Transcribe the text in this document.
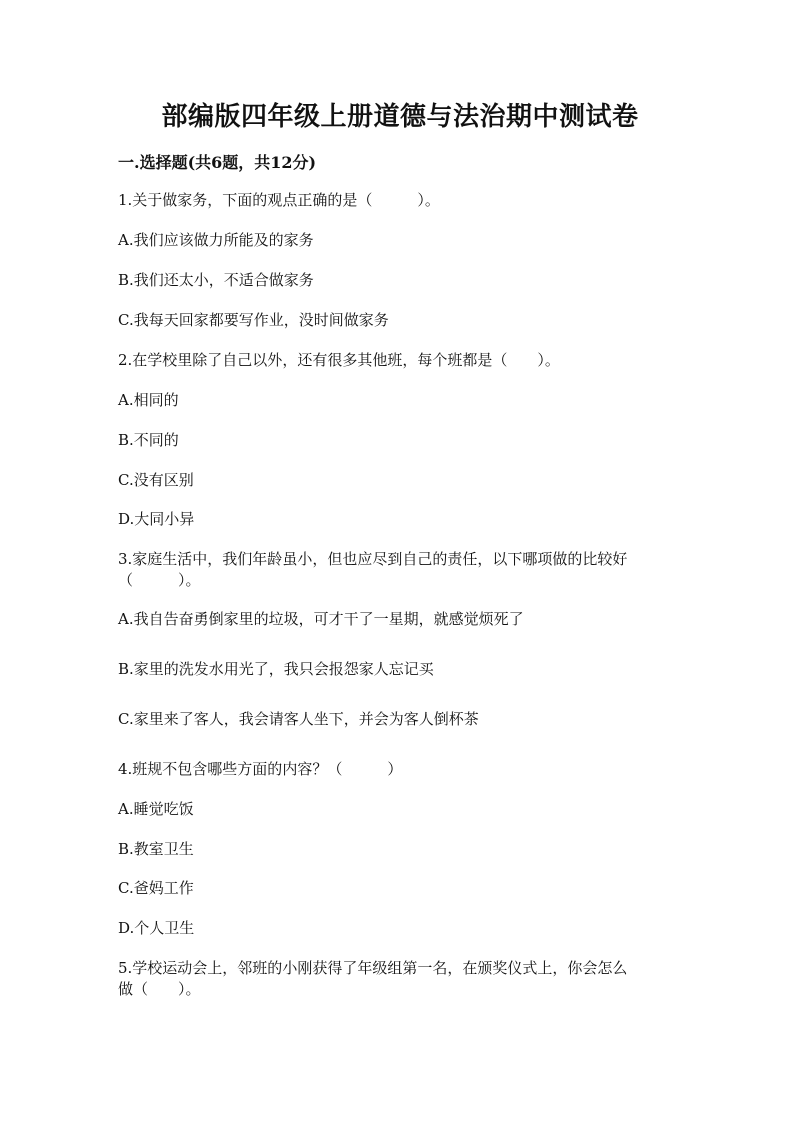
部编版四年级上册道德与法治期中测试卷
一.选择题(共6题，共12分)
1.关于做家务，下面的观点正确的是（　　　）。
A.我们应该做力所能及的家务
B.我们还太小，不适合做家务
C.我每天回家都要写作业，没时间做家务
2.在学校里除了自己以外，还有很多其他班，每个班都是（　　）。
A.相同的
B.不同的
C.没有区别
D.大同小异
3.家庭生活中，我们年龄虽小，但也应尽到自己的责任，以下哪项做的比较好
（　　　）。
A.我自告奋勇倒家里的垃圾，可才干了一星期，就感觉烦死了
B.家里的洗发水用光了，我只会报怨家人忘记买
C.家里来了客人，我会请客人坐下，并会为客人倒杯茶
4.班规不包含哪些方面的内容？（　　　）
A.睡觉吃饭
B.教室卫生
C.爸妈工作
D.个人卫生
5.学校运动会上，邻班的小刚获得了年级组第一名，在颁奖仪式上，你会怎么
做（　　）。
